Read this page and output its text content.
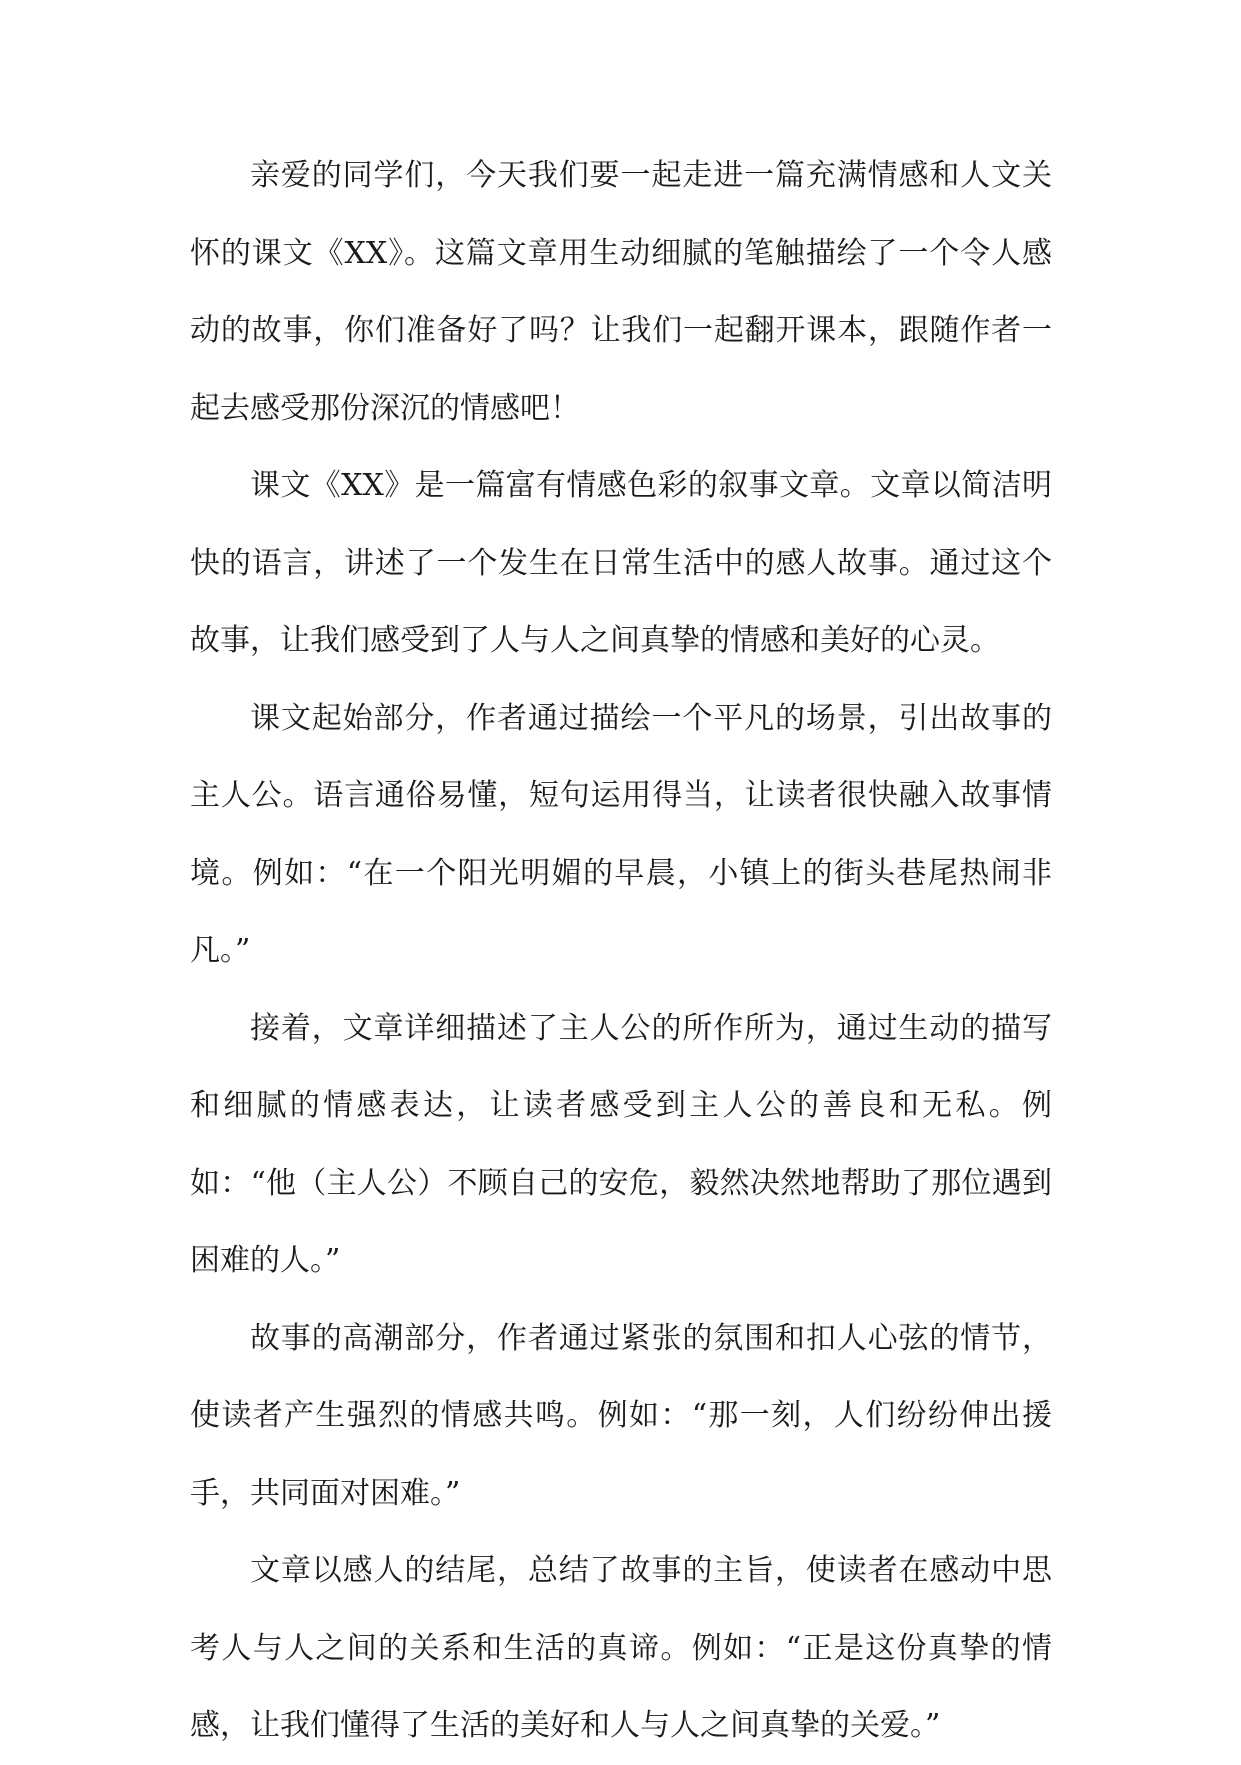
亲爱的同学们，今天我们要一起走进一篇充满情感和人文关怀的课文《XX》。这篇文章用生动细腻的笔触描绘了一个令人感动的故事，你们准备好了吗？让我们一起翻开课本，跟随作者一起去感受那份深沉的情感吧！

课文《XX》是一篇富有情感色彩的叙事文章。文章以简洁明快的语言，讲述了一个发生在日常生活中的感人故事。通过这个故事，让我们感受到了人与人之间真挚的情感和美好的心灵。

课文起始部分，作者通过描绘一个平凡的场景，引出故事的主人公。语言通俗易懂，短句运用得当，让读者很快融入故事情境。例如：“在一个阳光明媚的早晨，小镇上的街头巷尾热闹非凡。”

接着，文章详细描述了主人公的所作所为，通过生动的描写和细腻的情感表达，让读者感受到主人公的善良和无私。例如：“他（主人公）不顾自己的安危，毅然决然地帮助了那位遇到困难的人。”

故事的高潮部分，作者通过紧张的氛围和扣人心弦的情节，使读者产生强烈的情感共鸣。例如：“那一刻，人们纷纷伸出援手，共同面对困难。”

文章以感人的结尾，总结了故事的主旨，使读者在感动中思考人与人之间的关系和生活的真谛。例如：“正是这份真挚的情感，让我们懂得了生活的美好和人与人之间真挚的关爱。”
